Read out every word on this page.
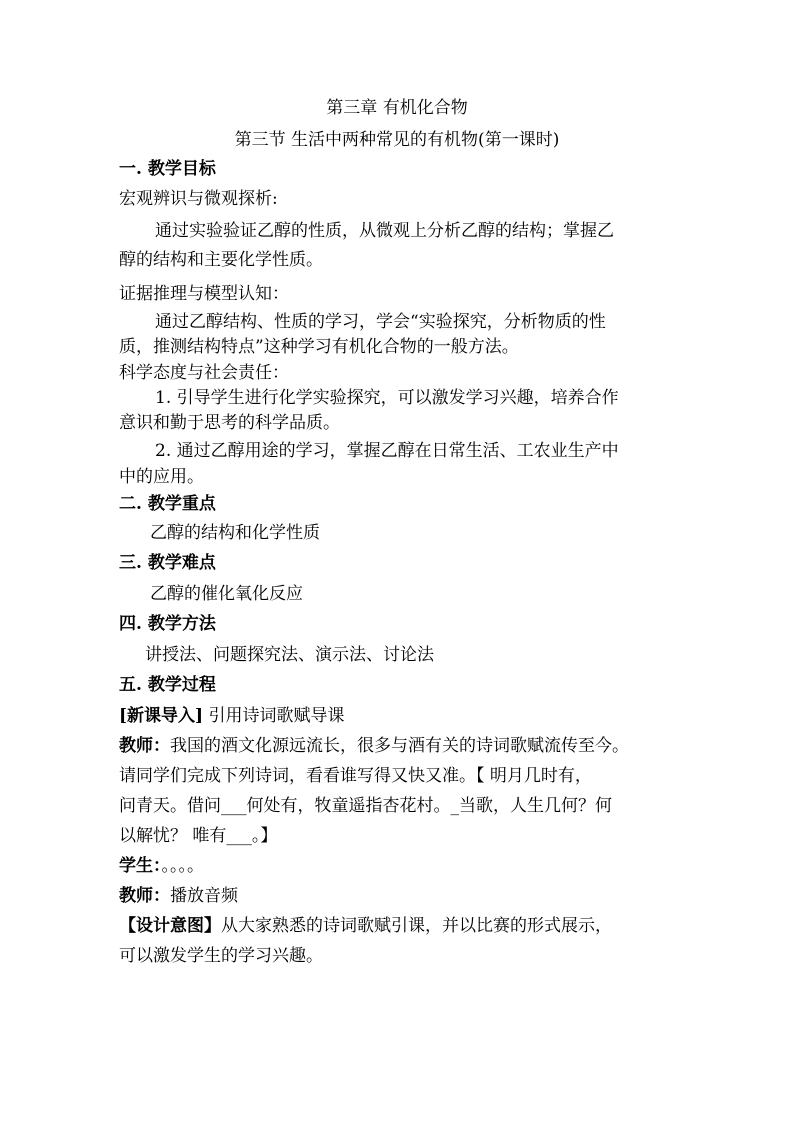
第三章 有机化合物
第三节 生活中两种常见的有机物(第一课时)
一. 教学目标
宏观辨识与微观探析:
通过实验验证乙醇的性质，从微观上分析乙醇的结构；掌握乙
醇的结构和主要化学性质。
证据推理与模型认知：
通过乙醇结构、性质的学习，学会“实验探究，分析物质的性
质，推测结构特点”这种学习有机化合物的一般方法。
科学态度与社会责任：
1. 引导学生进行化学实验探究，可以激发学习兴趣，培养合作
意识和勤于思考的科学品质。
2. 通过乙醇用途的学习，掌握乙醇在日常生活、工农业生产中
中的应用。
二. 教学重点
乙醇的结构和化学性质
三. 教学难点
乙醇的催化氧化反应
四. 教学方法
讲授法、问题探究法、演示法、讨论法
五. 教学过程
[新课导入] 引用诗词歌赋导课
教师：我国的酒文化源远流长，很多与酒有关的诗词歌赋流传至今。
请同学们完成下列诗词，看看谁写得又快又准。【 明月几时有，
问青天。借问___何处有，牧童遥指杏花村。_当歌，人生几何？何
以解忧？ 唯有___。】
学生：。。。。
教师：播放音频
【设计意图】从大家熟悉的诗词歌赋引课，并以比赛的形式展示，
可以激发学生的学习兴趣。
